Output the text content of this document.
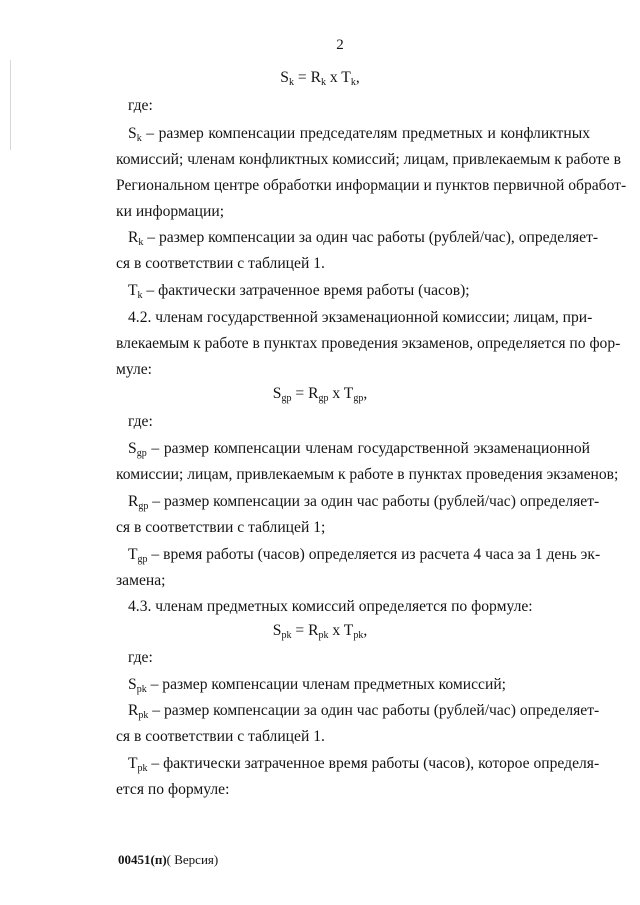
2
$S_k = R_k$ x $T_k$,
где:
$S_k$ – размер компенсации председателям предметных и конфликтных
комиссий; членам конфликтных комиссий; лицам, привлекаемым к работе в
Региональном центре обработки информации и пунктов первичной обработ-
ки информации;
$R_k$ – размер компенсации за один час работы (рублей/час), определяет-
ся в соответствии с таблицей 1.
$T_k$ – фактически затраченное время работы (часов);
4.2. членам государственной экзаменационной комиссии; лицам, при-
влекаемым к работе в пунктах проведения экзаменов, определяется по фор-
муле:
$S_{gp} = R_{gp}$ x $T_{gp}$,
где:
$S_{gp}$ – размер компенсации членам государственной экзаменационной
комиссии; лицам, привлекаемым к работе в пунктах проведения экзаменов;
$R_{gp}$ – размер компенсации за один час работы (рублей/час) определяет-
ся в соответствии с таблицей 1;
$T_{gp}$ – время работы (часов) определяется из расчета 4 часа за 1 день эк-
замена;
4.3. членам предметных комиссий определяется по формуле:
$S_{pk} = R_{pk}$ x $T_{pk}$,
где:
$S_{pk}$ – размер компенсации членам предметных комиссий;
$R_{pk}$ – размер компенсации за один час работы (рублей/час) определяет-
ся в соответствии с таблицей 1.
$T_{pk}$ – фактически затраченное время работы (часов), которое определя-
ется по формуле:
00451(п)( Версия)
